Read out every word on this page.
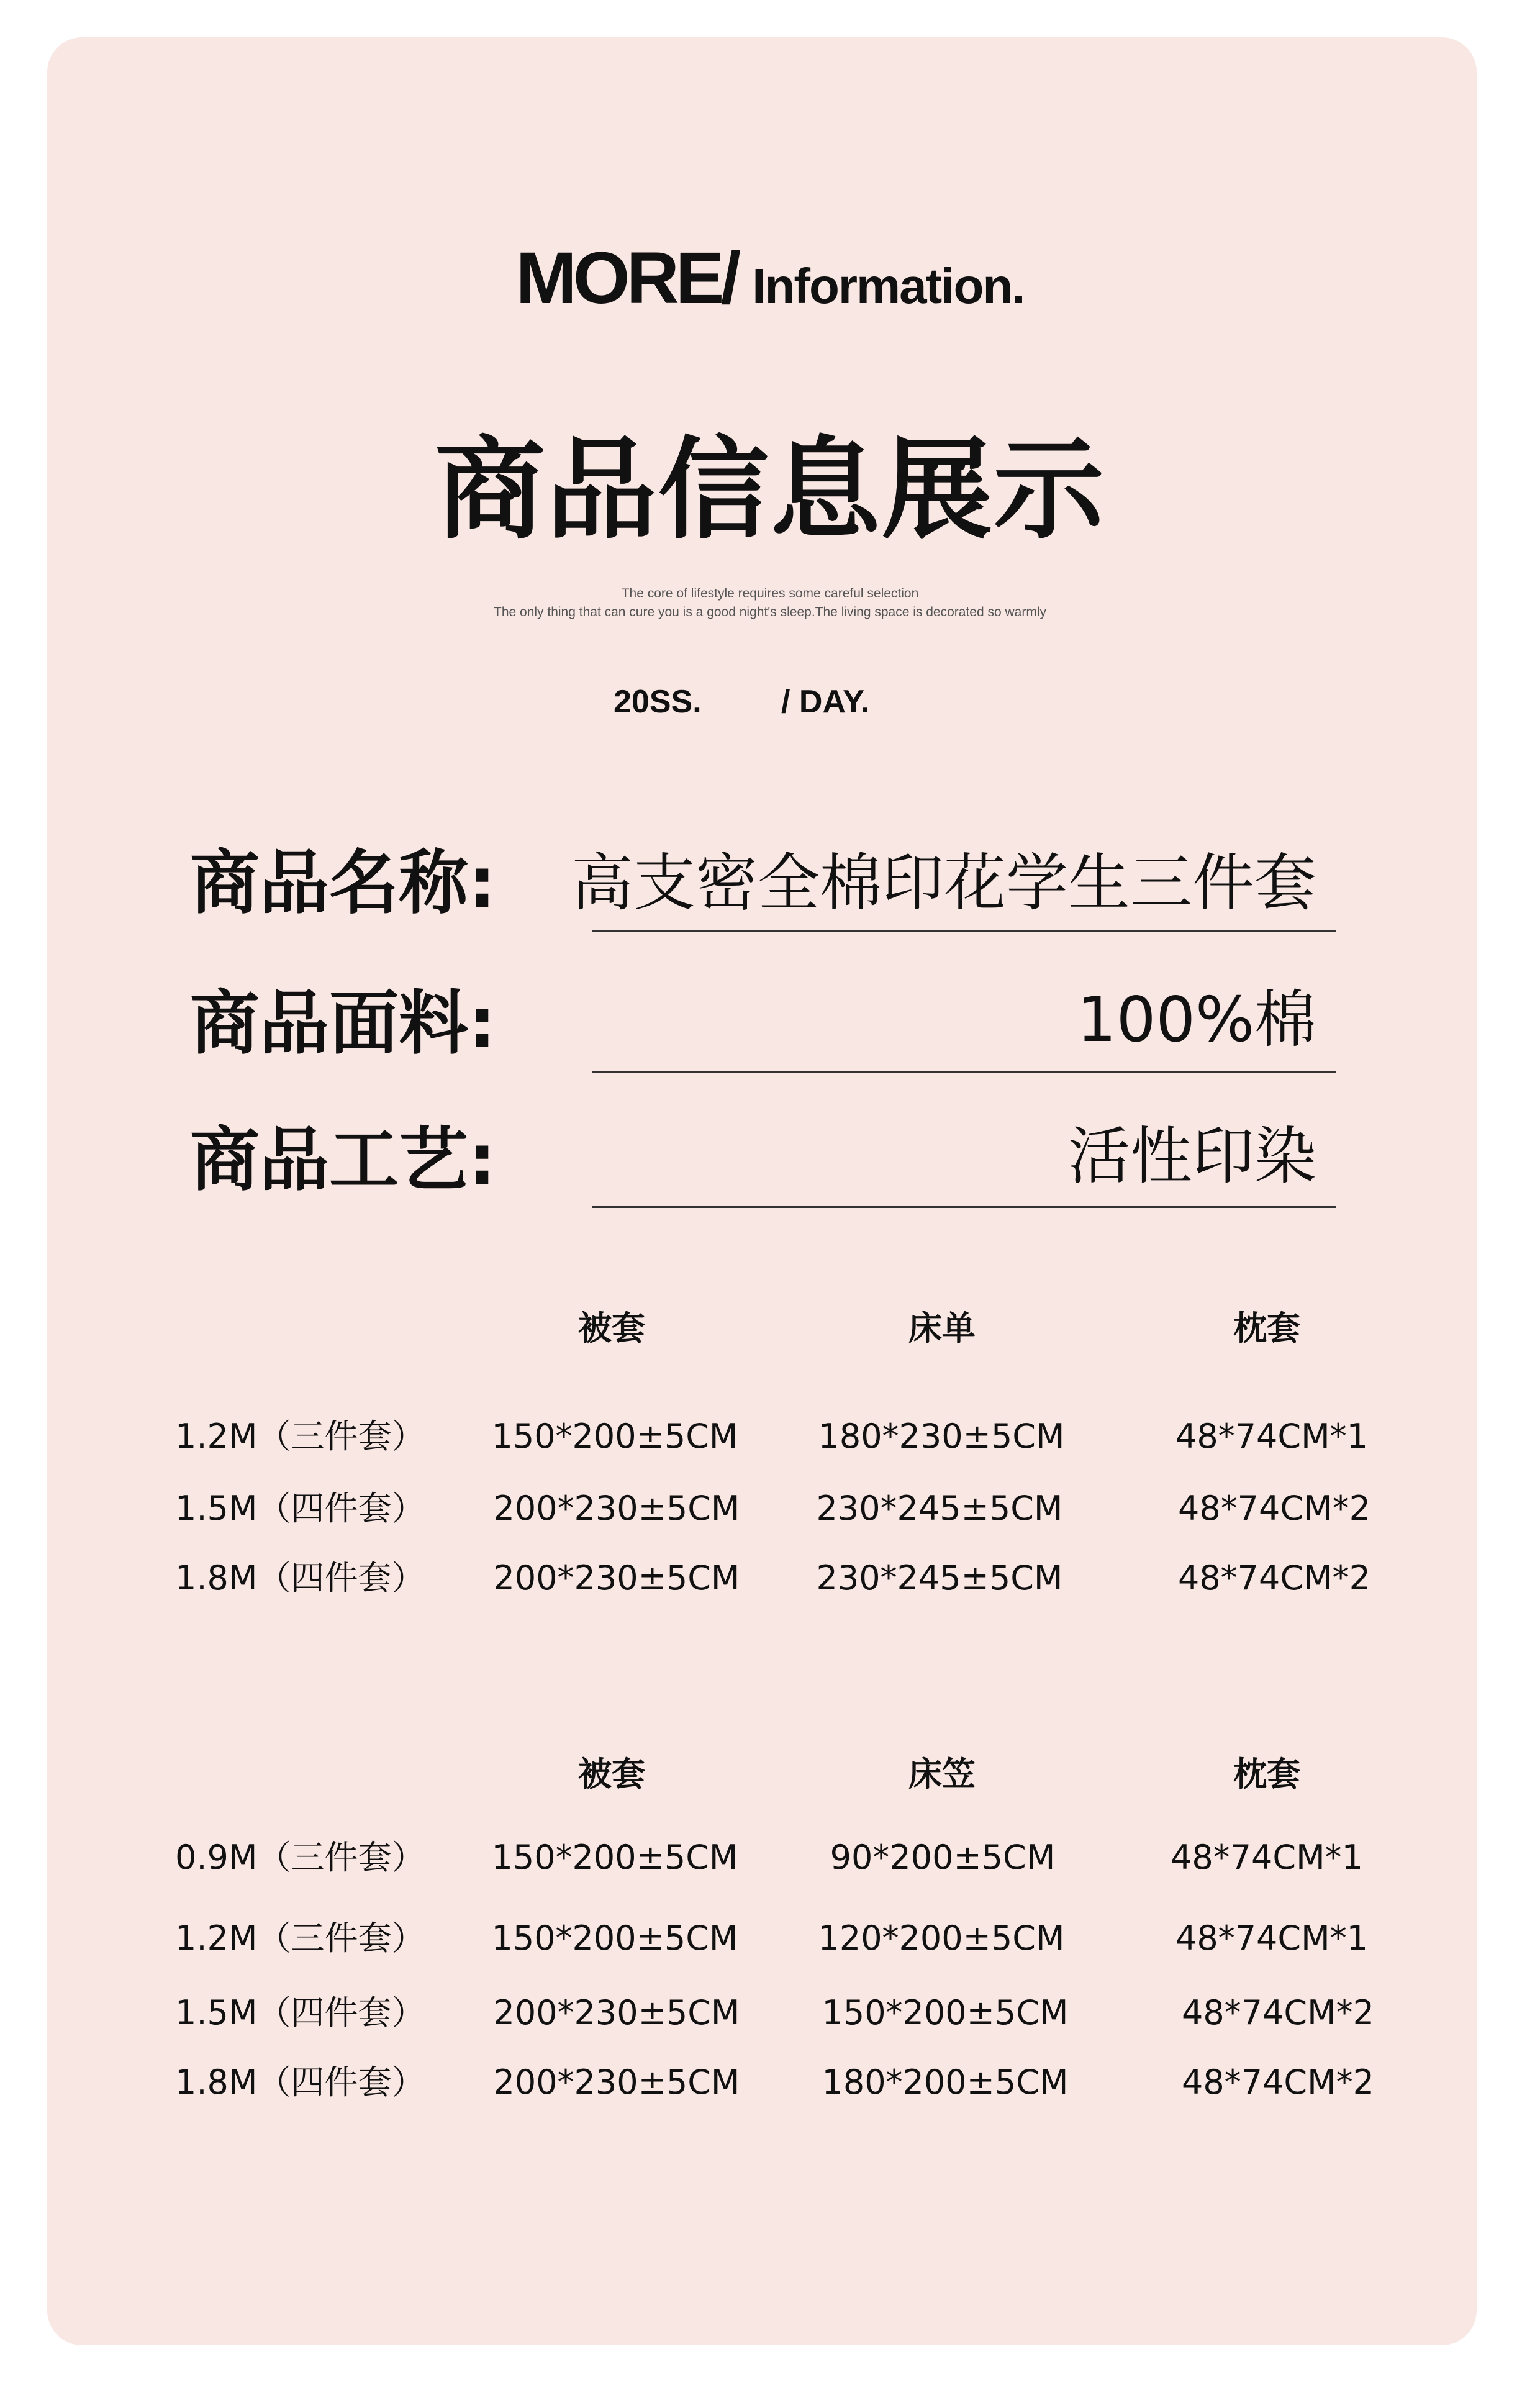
MORE/ Information.
商品信息展示
The core of lifestyle requires some careful selection
The only thing that can cure you is a good night's sleep.The living space is decorated so warmly
20SS. / DAY.
商品名称: 高支密全棉印花学生三件套
商品面料:	100%棉
商品工艺:	活性印染
被套	床单	枕套
1.2M（三件套） 150*200±5CM 180*230±5CM	48*74CM*1
1.5M（四件套） 200*230±5CM 230*245±5CM	48*74CM*2
1.8M（四件套） 200*230±5CM 230*245±5CM	48*74CM*2
被套	床笠	枕套
0.9M（三件套） 150*200±5CM	90*200±5CM	48*74CM*1
1.2M（三件套） 150*200±5CM 120*200±5CM	48*74CM*1
1.5M（四件套） 200*230±5CM 150*200±5CM	48*74CM*2
1.8M（四件套） 200*230±5CM 180*200±5CM	48*74CM*2
